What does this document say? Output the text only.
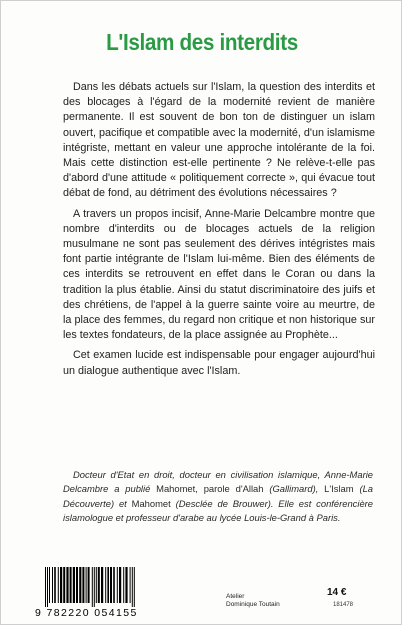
L'Islam des interdits

Dans les débats actuels sur l'Islam, la question des interdits et des blocages à l'égard de la modernité revient de manière permanente. Il est souvent de bon ton de distinguer un islam ouvert, pacifique et compatible avec la modernité, d'un islamisme intégriste, mettant en valeur une approche intolérante de la foi. Mais cette distinction est-elle pertinente ? Ne relève-t-elle pas d'abord d'une attitude « politiquement correcte », qui évacue tout débat de fond, au détriment des évolutions nécessaires ?

A travers un propos incisif, Anne-Marie Delcambre montre que nombre d'interdits ou de blocages actuels de la religion musulmane ne sont pas seulement des dérives intégristes mais font partie intégrante de l'Islam lui-même. Bien des éléments de ces interdits se retrouvent en effet dans le Coran ou dans la tradition la plus établie. Ainsi du statut discriminatoire des juifs et des chrétiens, de l'appel à la guerre sainte voire au meurtre, de la place des femmes, du regard non critique et non historique sur les textes fondateurs, de la place assignée au Prophète...

Cet examen lucide est indispensable pour engager aujourd'hui un dialogue authentique avec l'Islam.

Docteur d'Etat en droit, docteur en civilisation islamique, Anne-Marie Delcambre a publié Mahomet, parole d'Allah (Gallimard), L'Islam (La Découverte) et Mahomet (Desclée de Brouwer). Elle est conférencière islamologue et professeur d'arabe au lycée Louis-le-Grand à Paris.
9 782220 054155
Atelier
Dominique Toutain
14 €
181478
